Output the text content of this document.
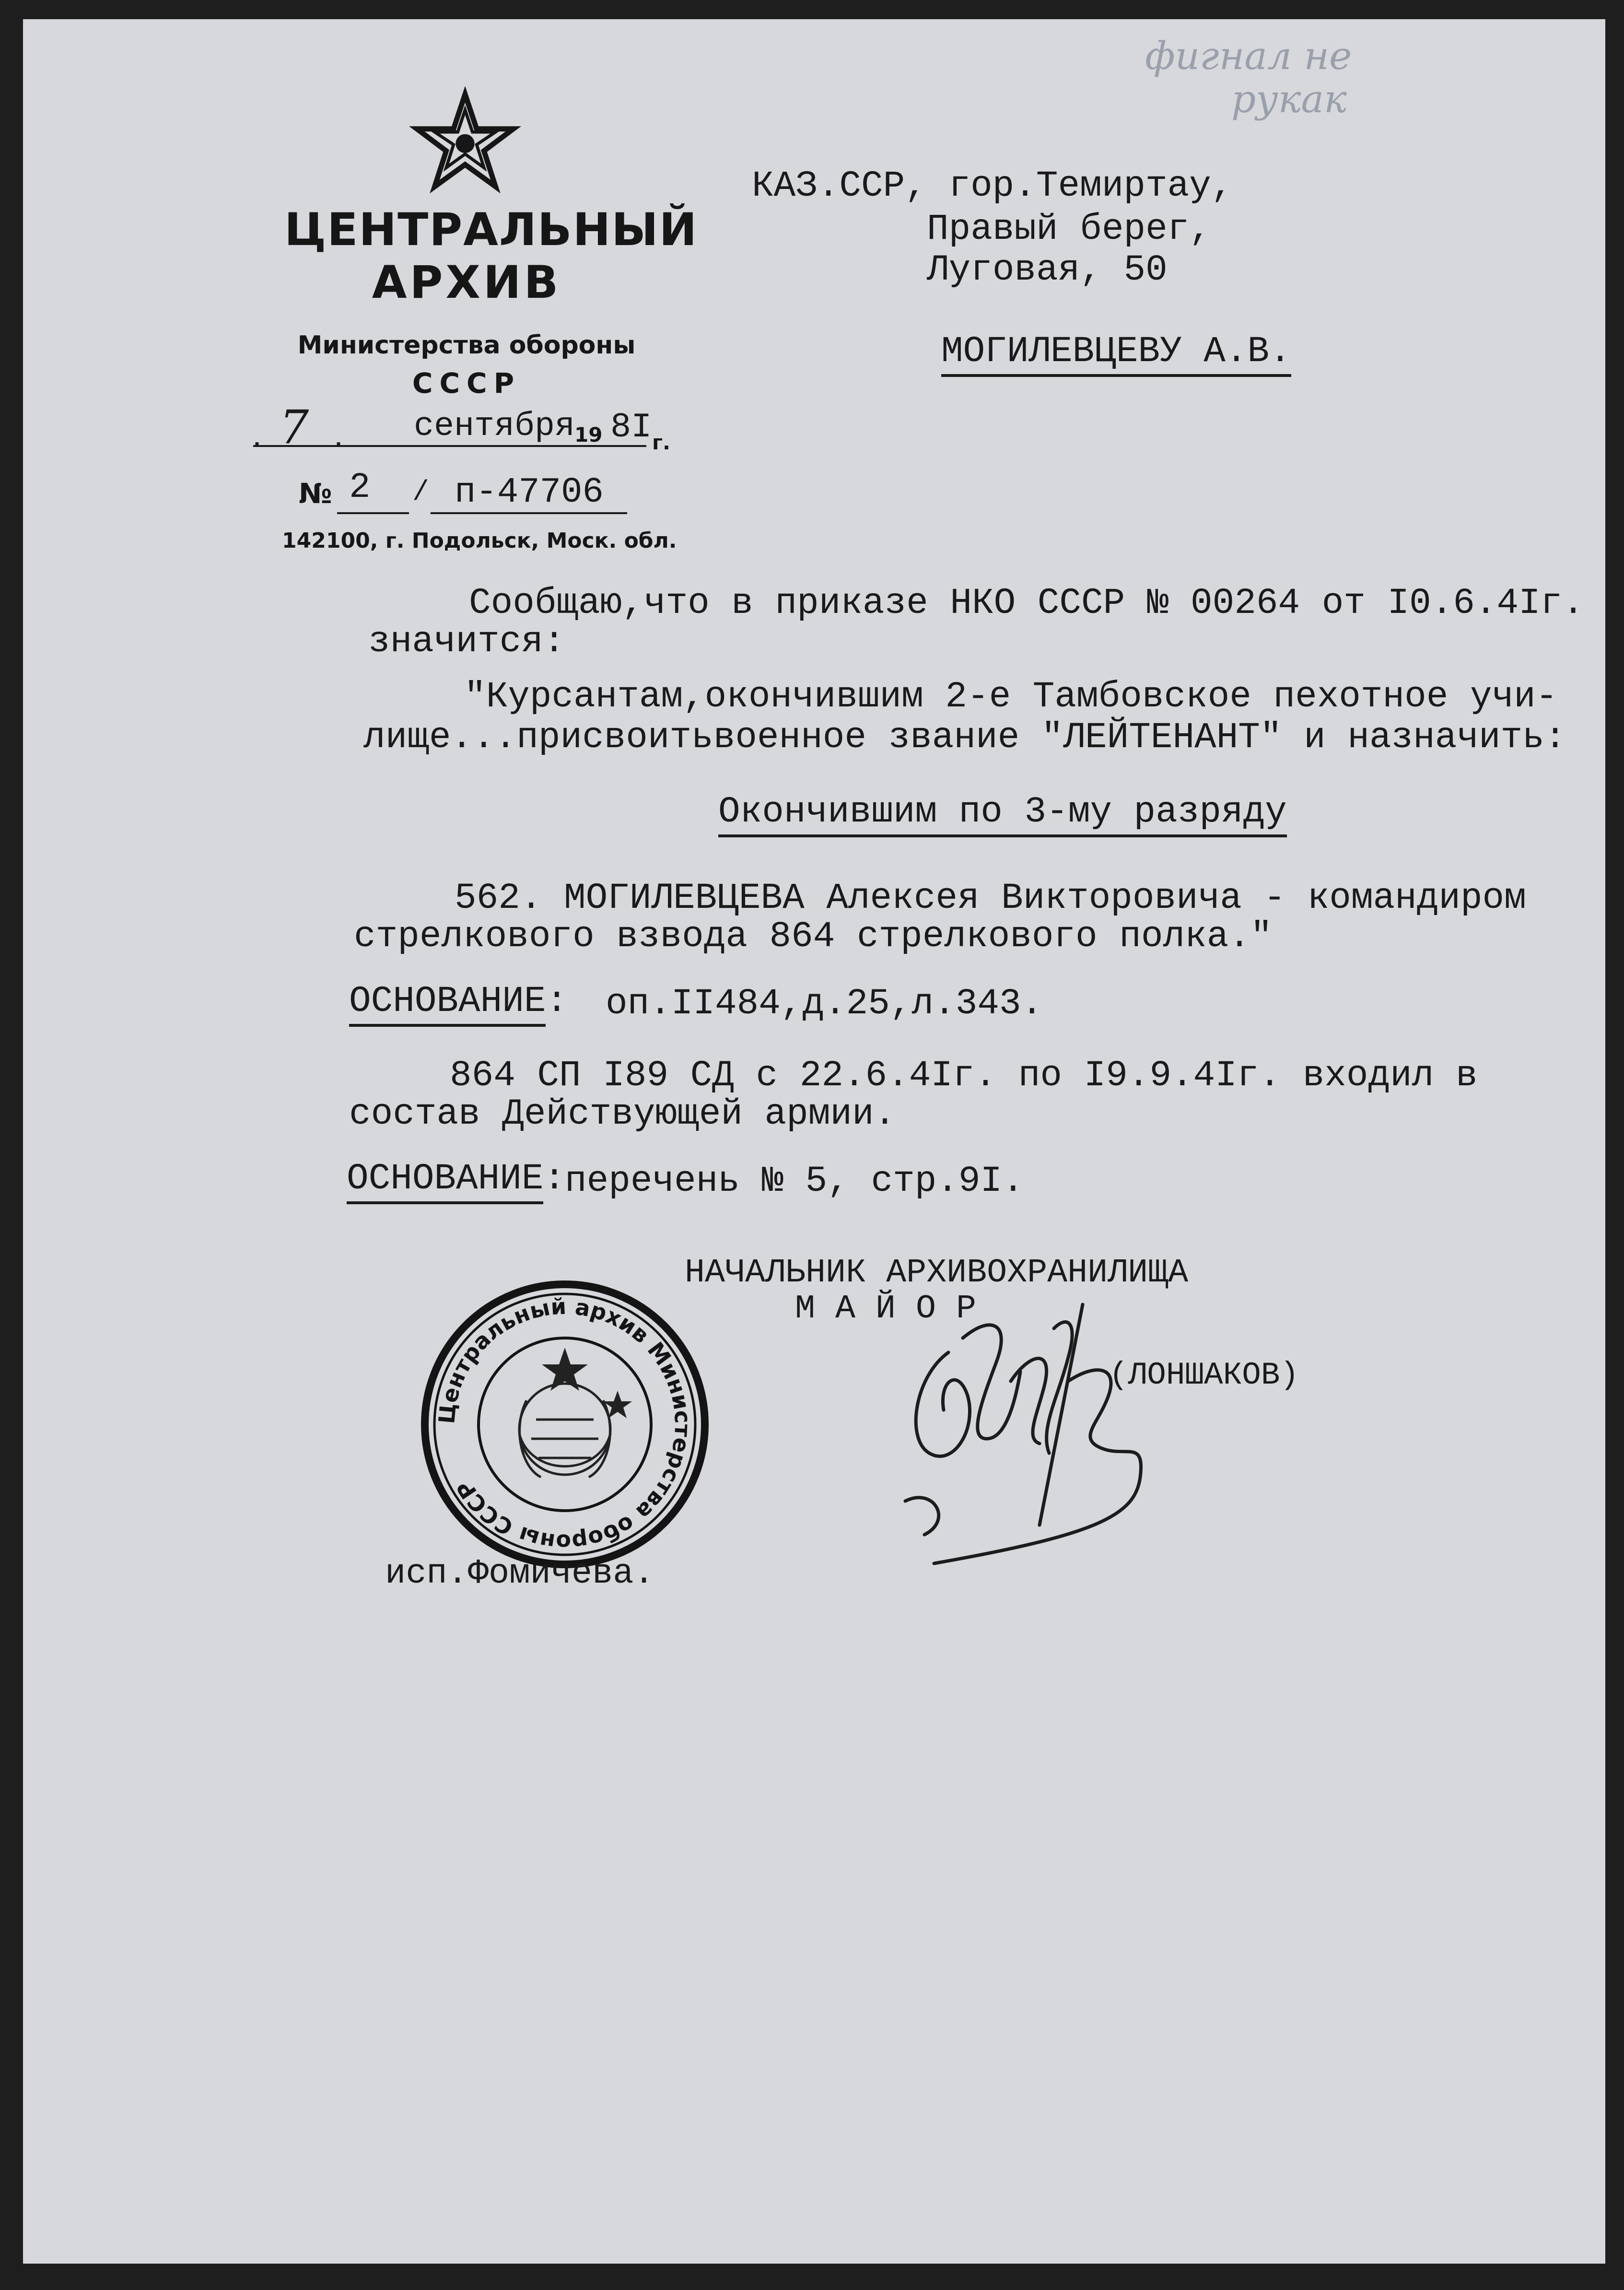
фигнал не
рукак
ЦЕНТРАЛЬНЫЙ
АРХИВ
Министерства обороны
СССР
. 7 . сентября
19 8I г.
№ 2 / п-47706
142100, г. Подольск, Моск. обл.
КАЗ.ССР, гор.Темиртау,
Правый берег,
Луговая, 50
МОГИЛЕВЦЕВУ А.В.
Сообщаю,что в приказе НКО СССР № 00264 от I0.6.4Iг.
значится:
"Курсантам,окончившим 2-е Тамбовское пехотное учи-
лище...присвоитьвоенное звание "ЛЕЙТЕНАНТ" и назначить:
Окончившим по 3-му разряду
562. МОГИЛЕВЦЕВА Алексея Викторовича - командиром
стрелкового взвода 864 стрелкового полка."
ОСНОВАНИЕ: оп.II484,д.25,л.343.
864 СП I89 СД с 22.6.4Iг. по I9.9.4Iг. входил в
состав Действующей армии.
ОСНОВАНИЕ:
перечень № 5, стр.9I.
НАЧАЛЬНИК АРХИВОХРАНИЛИЩА
М А Й О Р
(ЛОНШАКОВ)
Центральный архив Министерства обороны СССР
исп.Фомичева.
